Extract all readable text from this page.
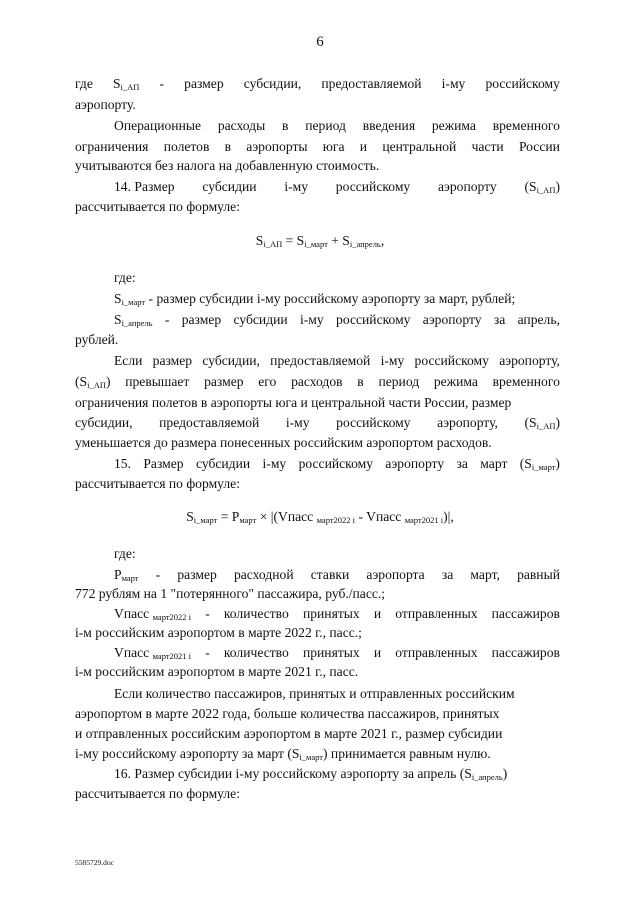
6
где $S_{i\_АП}$ - размер субсидии, предоставляемой i-му российскому
аэропорту.
Операционные расходы в период введения режима временного
ограничения полетов в аэропорты юга и центральной части России
учитываются без налога на добавленную стоимость.
14. Размер субсидии i-му российскому аэропорту $(S_{i\_АП})$
рассчитывается по формуле:
$S_{i\_АП} = S_{i\_март} + S_{i\_апрель}$,
где:
$S_{i\_март}$ - размер субсидии i-му российскому аэропорту за март, рублей;
$S_{i\_апрель}$ - размер субсидии i-му российскому аэропорту за апрель,
рублей.
Если размер субсидии, предоставляемой i-му российскому аэропорту,
$(S_{i\_АП})$ превышает размер его расходов в период режима временного
ограничения полетов в аэропорты юга и центральной части России, размер
субсидии, предоставляемой i-му российскому аэропорту, $(S_{i\_АП})$
уменьшается до размера понесенных российским аэропортом расходов.
15. Размер субсидии i-му российскому аэропорту за март $(S_{i\_март})$
рассчитывается по формуле:
$S_{i\_март} = P_{март}$ × |(Vпасс $_{март2022 i}$ - Vпасс $_{март2021 i}$)|,
где:
$P_{март}$ - размер расходной ставки аэропорта за март, равный
772 рублям на 1 "потерянного" пассажира, руб./пасс.;
Vпасс $_{март2022 i}$ - количество принятых и отправленных пассажиров
i-м российским аэропортом в марте 2022 г., пасс.;
Vпасс $_{март2021 i}$ - количество принятых и отправленных пассажиров
i-м российским аэропортом в марте 2021 г., пасс.
Если количество пассажиров, принятых и отправленных российским
аэропортом в марте 2022 года, больше количества пассажиров, принятых
и отправленных российским аэропортом в марте 2021 г., размер субсидии
i-му российскому аэропорту за март $(S_{i\_март})$ принимается равным нулю.
16. Размер субсидии i-му российскому аэропорту за апрель $(S_{i\_апрель})$
рассчитывается по формуле:
5585729.doc
